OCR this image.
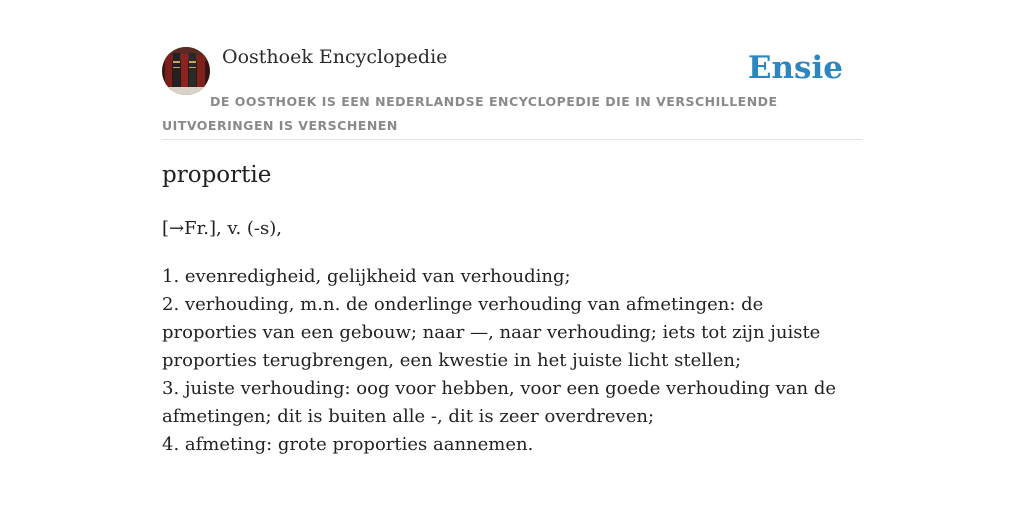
Oosthoek Encyclopedie	Ensie
DE OOSTHOEK IS EEN NEDERLANDSE ENCYCLOPEDIE DIE IN VERSCHILLENDE UITVOERINGEN IS VERSCHENEN
proportie
[→Fr.], v. (-s),
1. evenredigheid, gelijkheid van verhouding;
2. verhouding, m.n. de onderlinge verhouding van afmetingen: de proporties van een gebouw; naar —, naar verhouding; iets tot zijn juiste proporties terugbrengen, een kwestie in het juiste licht stellen;
3. juiste verhouding: oog voor hebben, voor een goede verhouding van de afmetingen; dit is buiten alle -, dit is zeer overdreven;
4. afmeting: grote proporties aannemen.
